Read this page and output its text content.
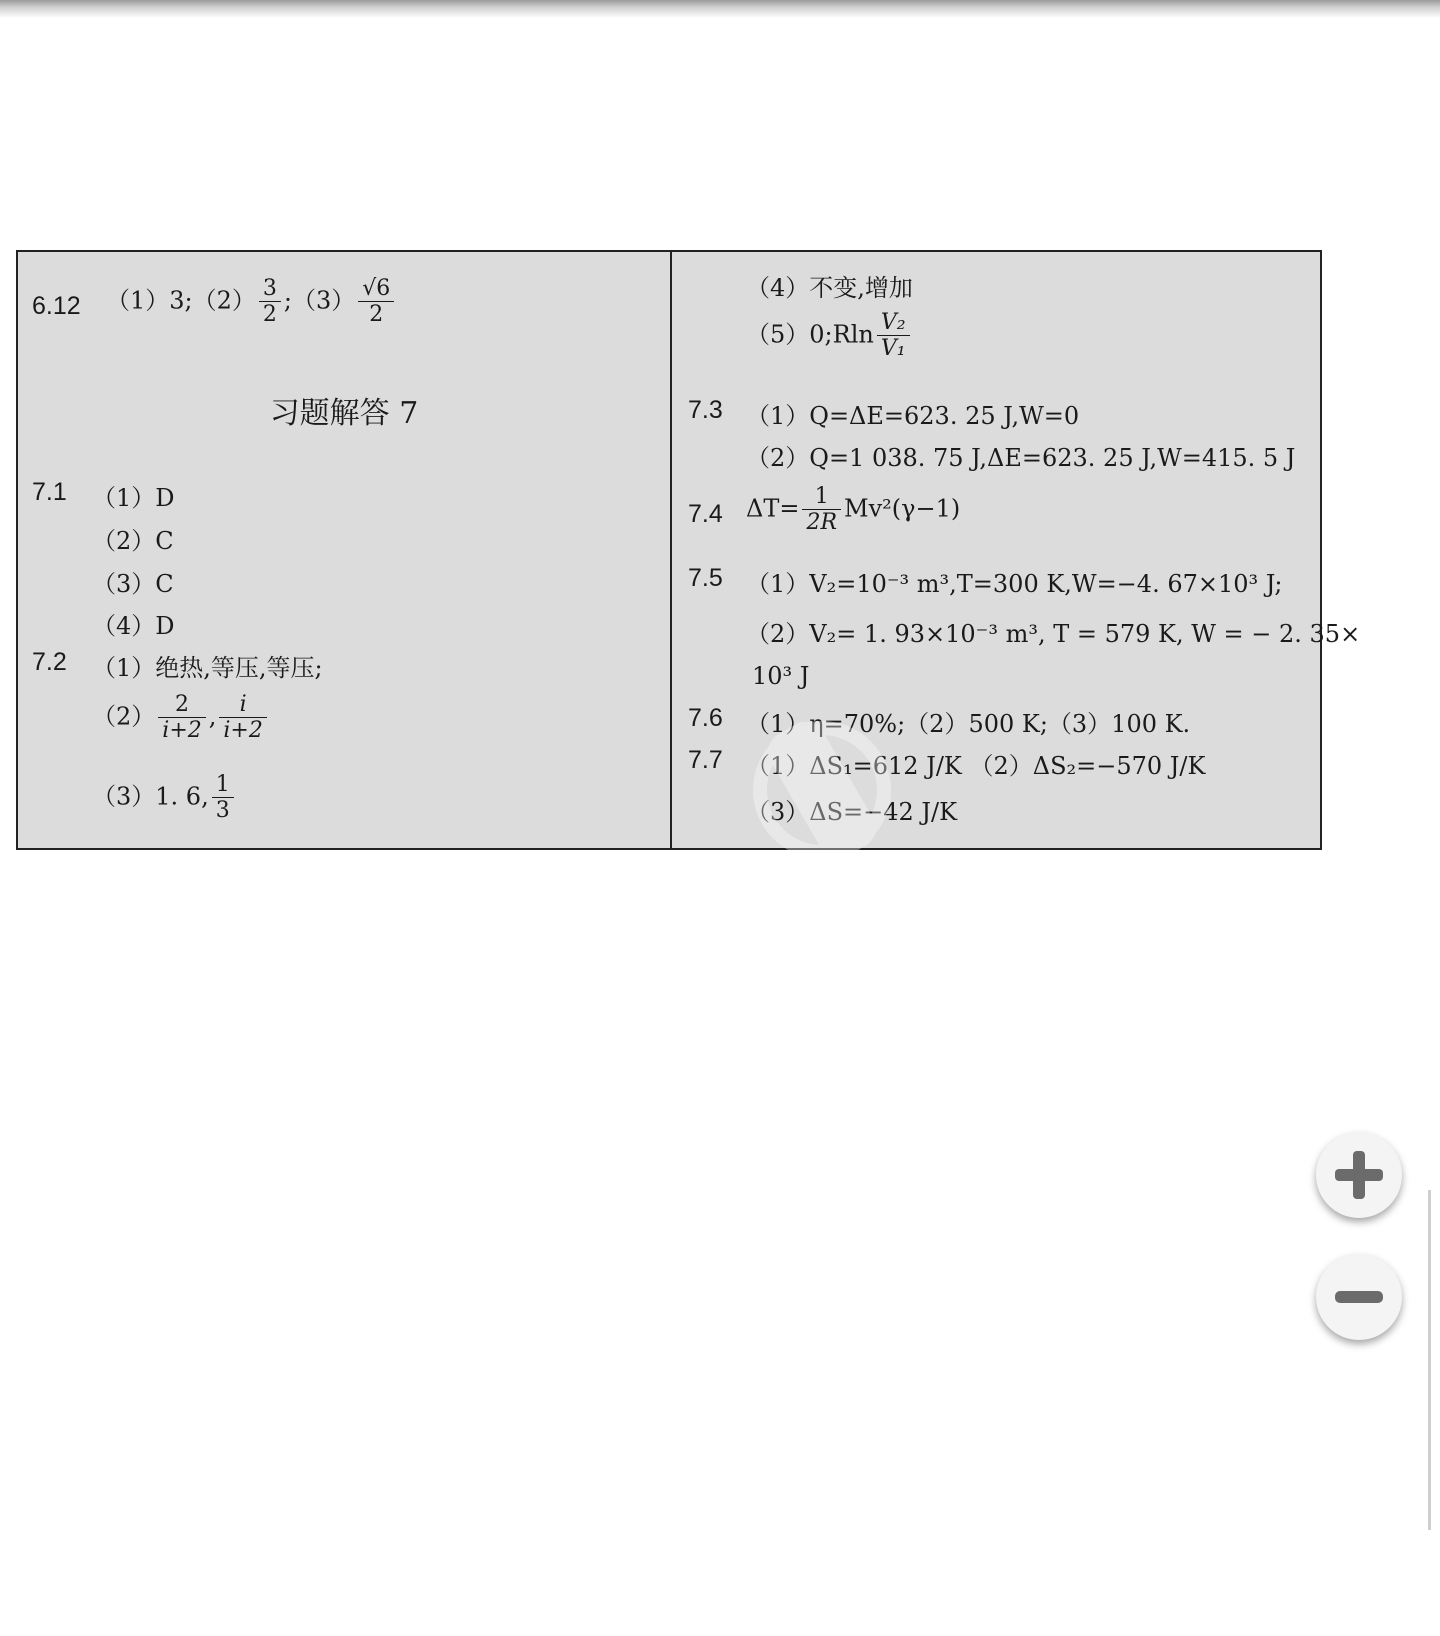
6.12 （1）3;（2） $\frac{3}{2}$ ;（3） $\frac{√6}{2}$
习题解答 7
7.1 （1）D
（2）C
（3）C
（4）D
7.2 （1）绝热,等压,等压;
$(2) \frac{2}{i+2}$ , $\frac{i}{i+2}$
（3）1. 6, $\frac{1}{3}$
（4）不变,增加
（5）0;Rln $\frac{\text{V₂}}{\text{V₁}}$
7.3 （1）Q=ΔE=623. 25 J,W=0
（2）Q=1 038. 75 J,ΔE=623. 25 J,W=415. 5 J
7.4 $\Delta T= \frac{1}{2R} Mv^2(\gamma-1)$
7.5 （1）V₂=10⁻³ m³,T=300 K,W=−4. 67×10³ J;
（2）V₂= 1. 93×10⁻³ m³, T = 579 K, W = − 2. 35×
10³ J
7.6 （1）η=70%;（2）500 K;（3）100 K.
7.7 （1）ΔS₁=612 J/K （2）ΔS₂=−570 J/K
（3）ΔS=−42 J/K
